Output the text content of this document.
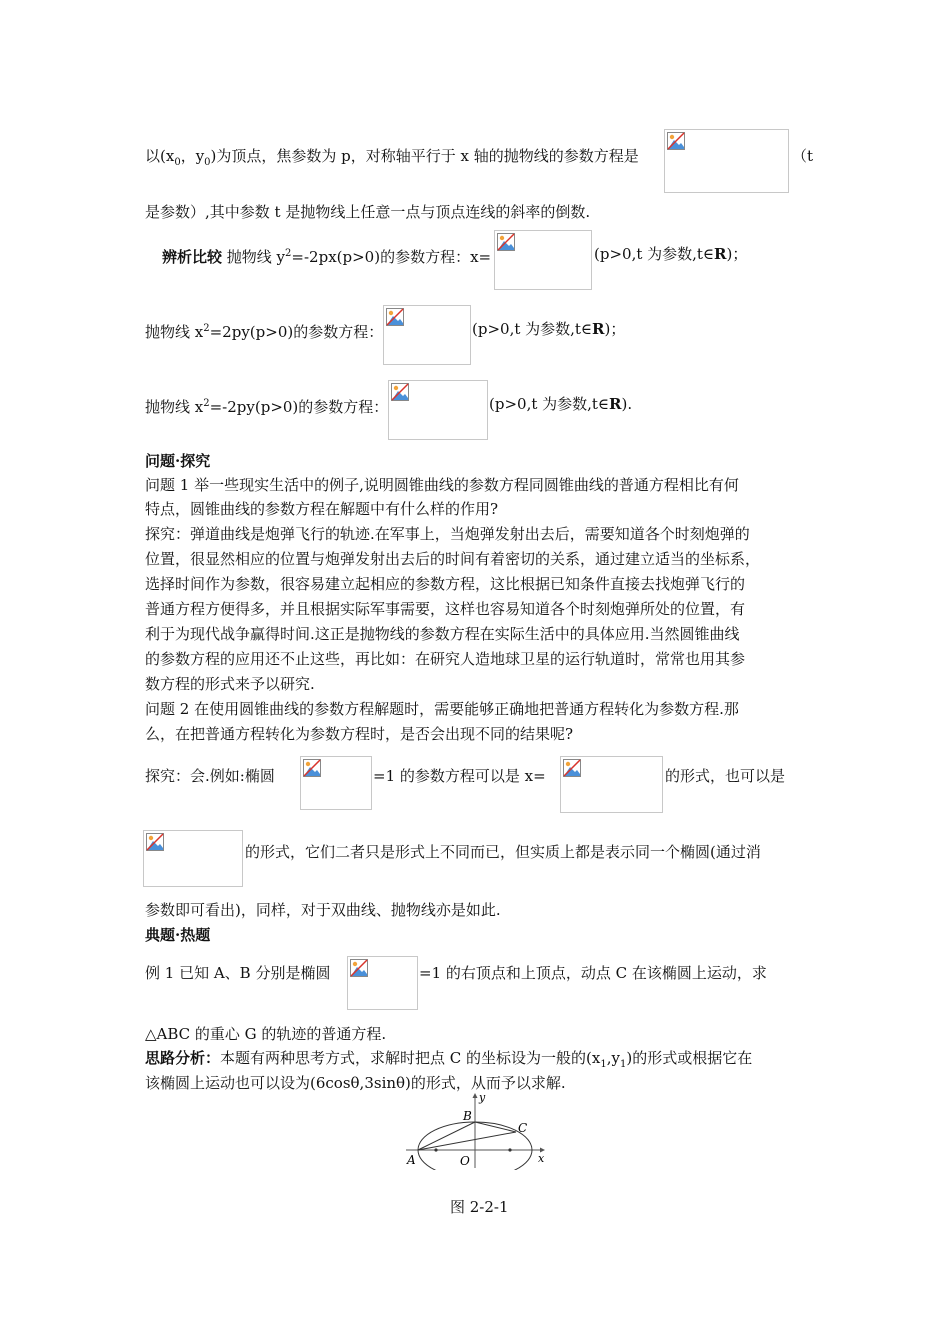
以($x_0$，$y_0$)为顶点，焦参数为 p，对称轴平行于 x 轴的抛物线的参数方程是	（t
是参数）,其中参数 t 是抛物线上任意一点与顶点连线的斜率的倒数.
辨析比较 抛物线 $y^2=-2px(p>0)$的参数方程：x=	(p>0,t 为参数,t∈R)；
抛物线 $x^2=2py(p>0)$的参数方程：	(p>0,t 为参数,t∈R)；
抛物线 $x^2=-2py(p>0)$的参数方程：	(p>0,t 为参数,t∈R).
问题·探究
问题 1 举一些现实生活中的例子,说明圆锥曲线的参数方程同圆锥曲线的普通方程相比有何
特点，圆锥曲线的参数方程在解题中有什么样的作用?
探究：弹道曲线是炮弹飞行的轨迹.在军事上，当炮弹发射出去后，需要知道各个时刻炮弹的
位置，很显然相应的位置与炮弹发射出去后的时间有着密切的关系，通过建立适当的坐标系，
选择时间作为参数，很容易建立起相应的参数方程，这比根据已知条件直接去找炮弹飞行的
普通方程方便得多，并且根据实际军事需要，这样也容易知道各个时刻炮弹所处的位置，有
利于为现代战争赢得时间.这正是抛物线的参数方程在实际生活中的具体应用.当然圆锥曲线
的参数方程的应用还不止这些，再比如：在研究人造地球卫星的运行轨道时，常常也用其参
数方程的形式来予以研究.
问题 2 在使用圆锥曲线的参数方程解题时，需要能够正确地把普通方程转化为参数方程.那
么，在把普通方程转化为参数方程时，是否会出现不同的结果呢?
探究：会.例如:椭圆	=1 的参数方程可以是 x=	的形式，也可以是
的形式，它们二者只是形式上不同而已，但实质上都是表示同一个椭圆(通过消
参数即可看出)，同样，对于双曲线、抛物线亦是如此.
典题·热题
例 1 已知 A、B 分别是椭圆	=1 的右顶点和上顶点，动点 C 在该椭圆上运动，求
△ABC 的重心 G 的轨迹的普通方程.
思路分析：本题有两种思考方式，求解时把点 C 的坐标设为一般的$(x_1,y_1)$的形式或根据它在
该椭圆上运动也可以设为(6cosθ,3sinθ)的形式，从而予以求解.
y
x
A
B
C
O
图 2-2-1
